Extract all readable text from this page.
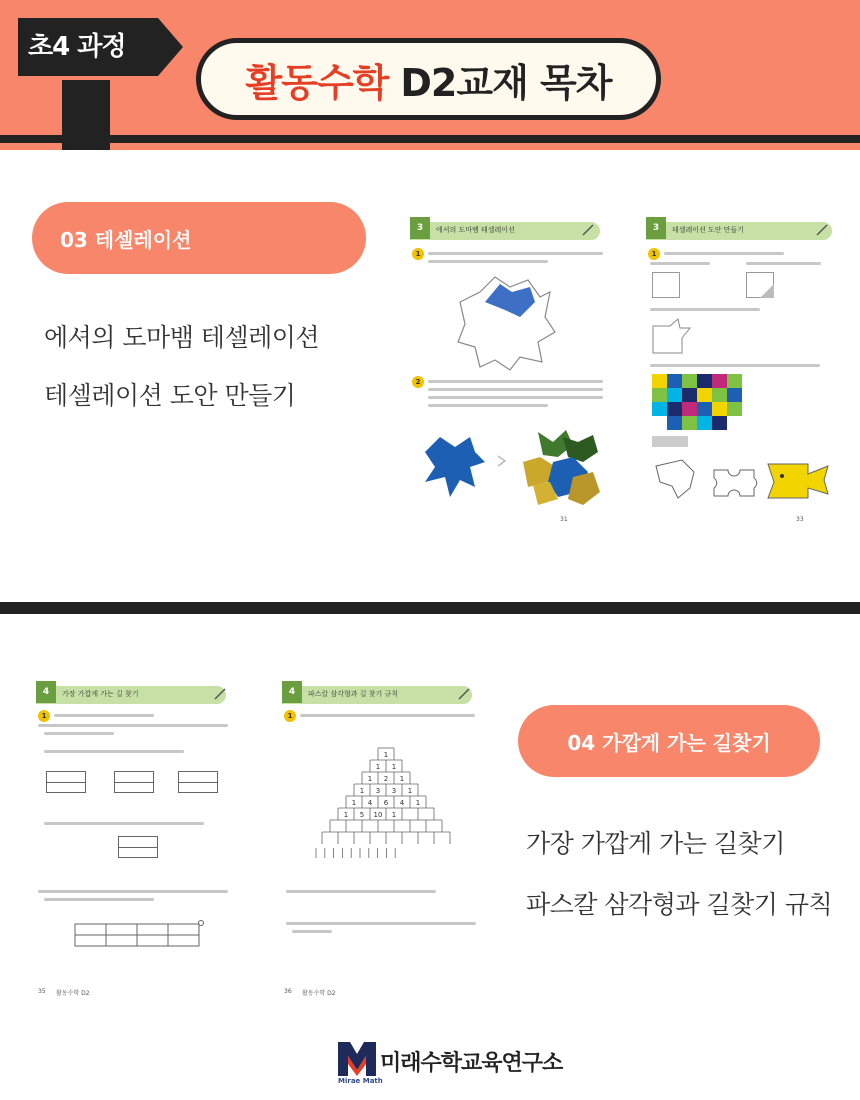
초4 과정
활동수학 D2교재 목차
03 테셀레이션
에셔의 도마뱀 테셀레이션
테셀레이션 도안 만들기
3	에셔의 도마뱀 테셀레이션
1
2
31
3	테셀레이션 도안 만들기
1
33
4	가장 가깝게 가는 길 찾기
1
35 활동수학 D2
4	파스칼 삼각형과 길 찾기 규칙
1
1
1 1
1 2 1
1 3 3 1
1 4 6 4 1
1 5 10 1
36 활동수학 D2
04 가깝게 가는 길찾기
가장 가깝게 가는 길찾기
파스칼 삼각형과 길찾기 규칙
미래수학교육연구소
Mirae Math
